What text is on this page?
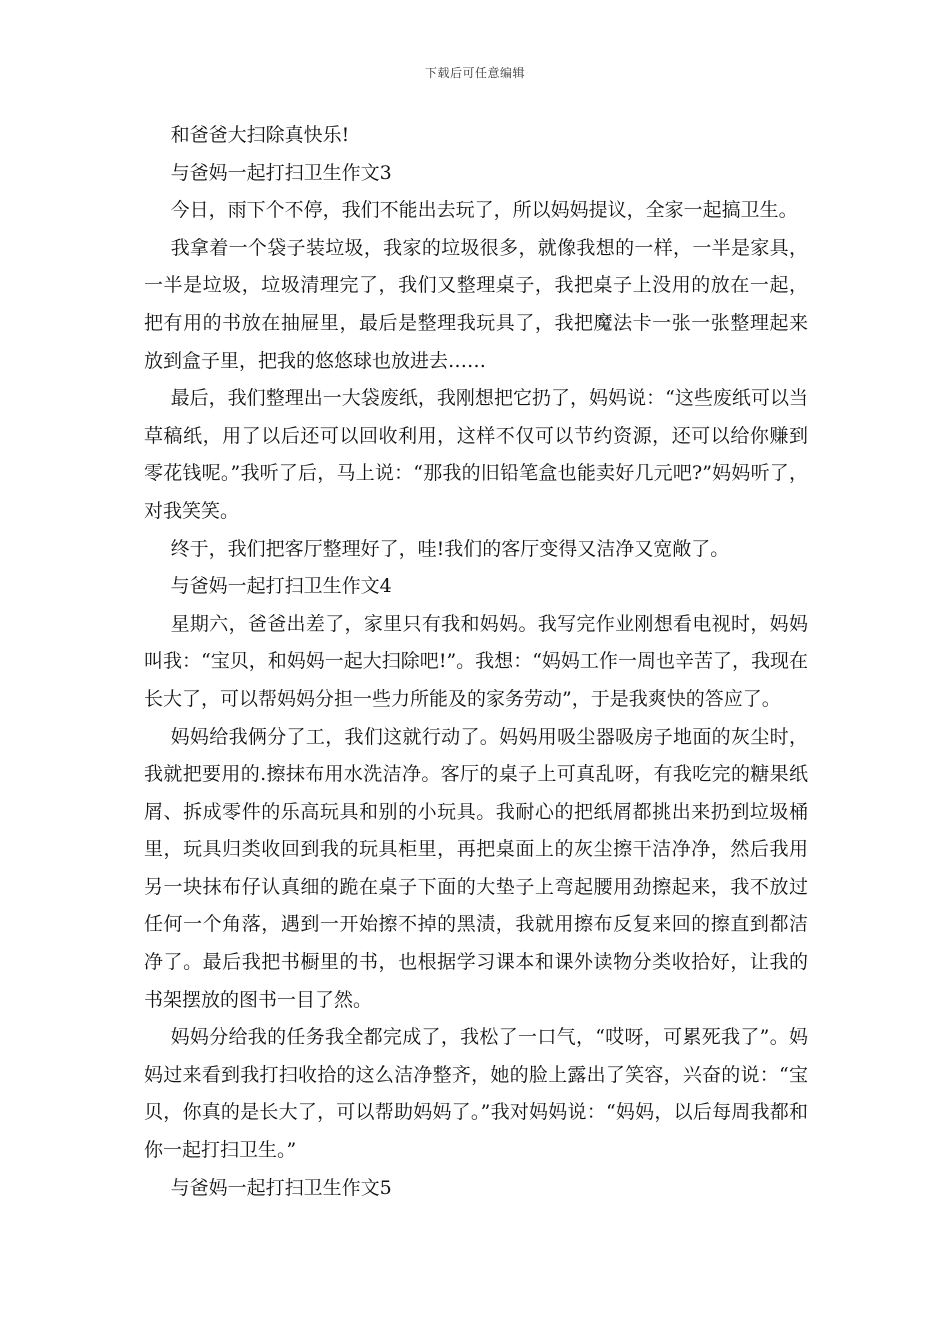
下载后可任意编辑

和爸爸大扫除真快乐!

与爸妈一起打扫卫生作文3

今日，雨下个不停，我们不能出去玩了，所以妈妈提议，全家一起搞卫生。

我拿着一个袋子装垃圾，我家的垃圾很多，就像我想的一样，一半是家具，一半是垃圾，垃圾清理完了，我们又整理桌子，我把桌子上没用的放在一起，把有用的书放在抽屉里，最后是整理我玩具了，我把魔法卡一张一张整理起来放到盒子里，把我的悠悠球也放进去……

最后，我们整理出一大袋废纸，我刚想把它扔了，妈妈说：“这些废纸可以当草稿纸，用了以后还可以回收利用，这样不仅可以节约资源，还可以给你赚到零花钱呢。”我听了后，马上说：“那我的旧铅笔盒也能卖好几元吧?”妈妈听了，对我笑笑。

终于，我们把客厅整理好了，哇!我们的客厅变得又洁净又宽敞了。

与爸妈一起打扫卫生作文4

星期六，爸爸出差了，家里只有我和妈妈。我写完作业刚想看电视时，妈妈叫我：“宝贝，和妈妈一起大扫除吧!”。我想：“妈妈工作一周也辛苦了，我现在长大了，可以帮妈妈分担一些力所能及的家务劳动”，于是我爽快的答应了。

妈妈给我俩分了工，我们这就行动了。妈妈用吸尘器吸房子地面的灰尘时，我就把要用的.擦抹布用水洗洁净。客厅的桌子上可真乱呀，有我吃完的糖果纸屑、拆成零件的乐高玩具和别的小玩具。我耐心的把纸屑都挑出来扔到垃圾桶里，玩具归类收回到我的玩具柜里，再把桌面上的灰尘擦干洁净净，然后我用另一块抹布仔认真细的跪在桌子下面的大垫子上弯起腰用劲擦起来，我不放过任何一个角落，遇到一开始擦不掉的黑渍，我就用擦布反复来回的擦直到都洁净了。最后我把书橱里的书，也根据学习课本和课外读物分类收拾好，让我的书架摆放的图书一目了然。

妈妈分给我的任务我全都完成了，我松了一口气，“哎呀，可累死我了”。妈妈过来看到我打扫收拾的这么洁净整齐，她的脸上露出了笑容，兴奋的说：“宝贝，你真的是长大了，可以帮助妈妈了。”我对妈妈说：“妈妈，以后每周我都和你一起打扫卫生。”

与爸妈一起打扫卫生作文5
